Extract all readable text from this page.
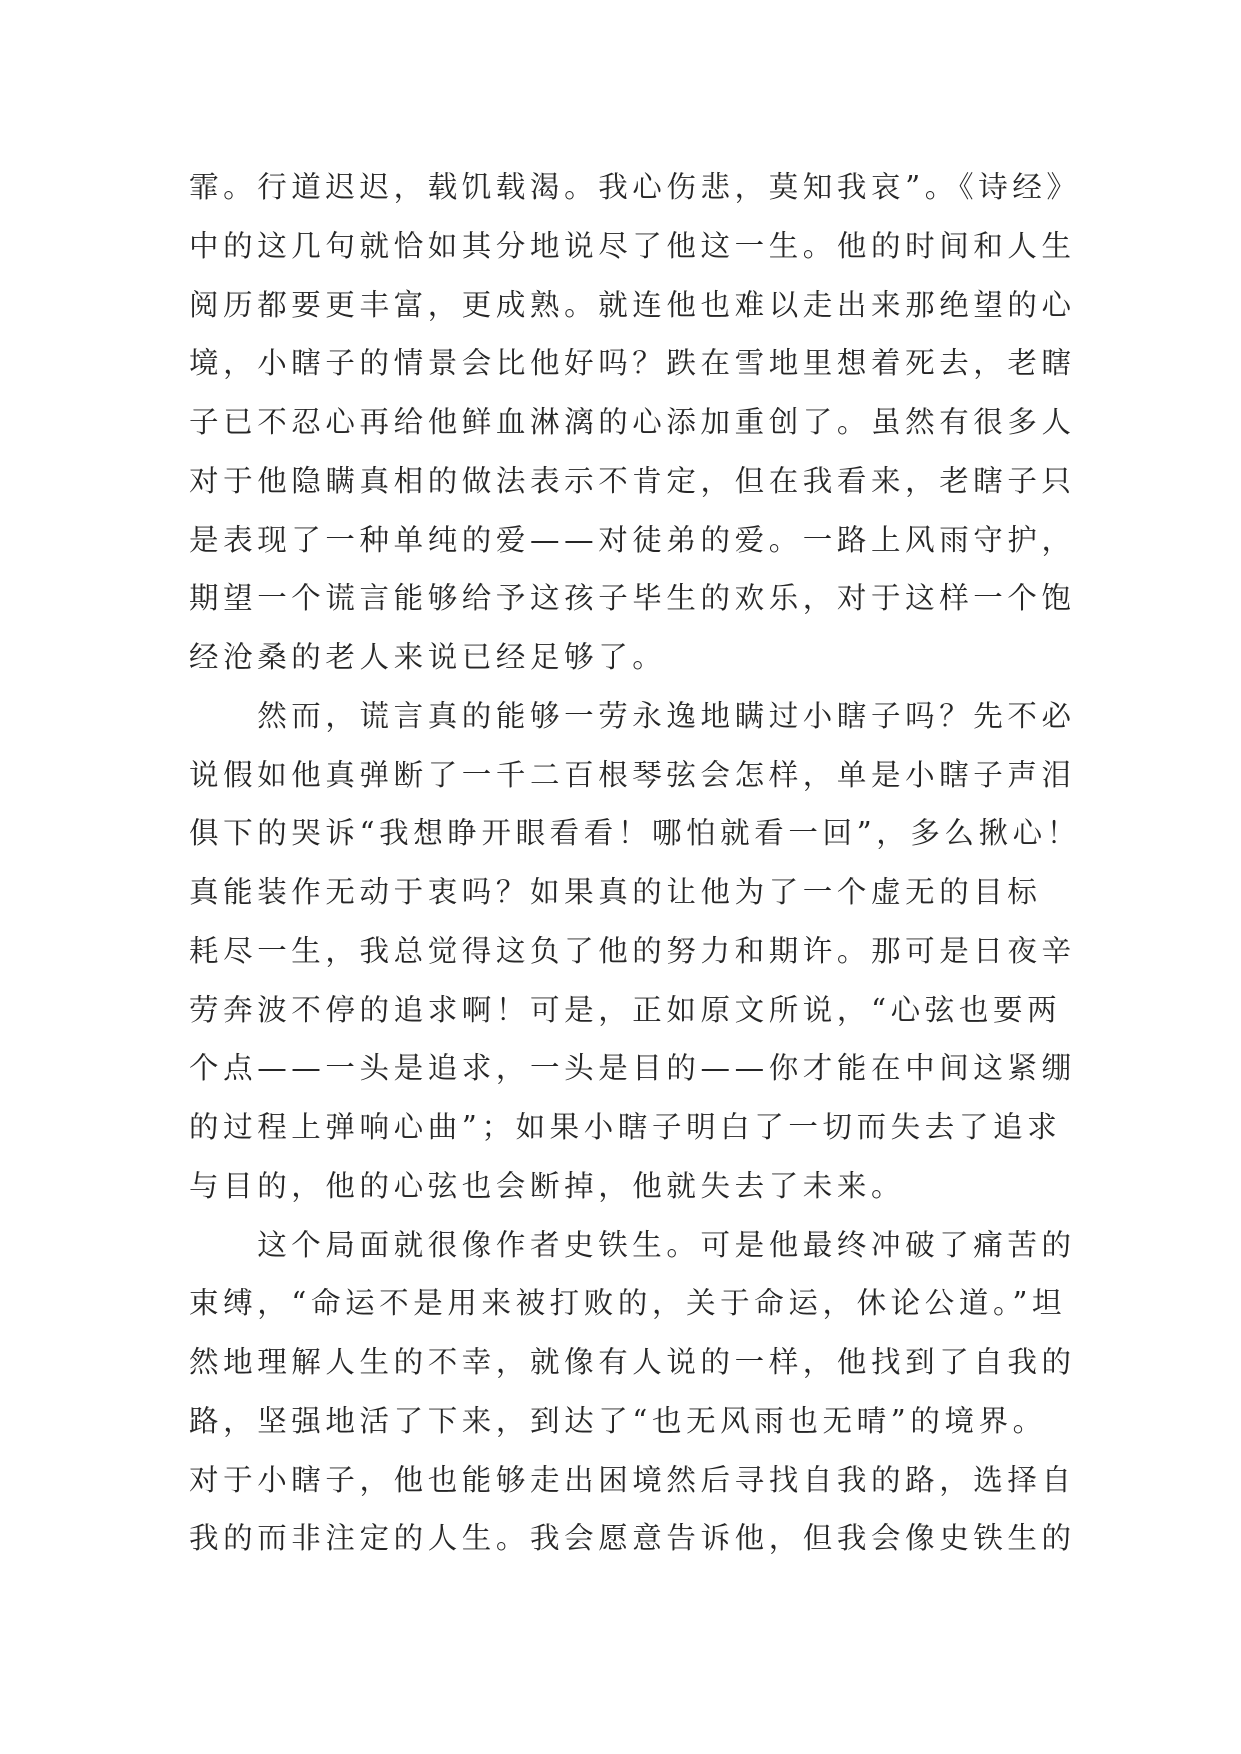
霏。行道迟迟，载饥载渴。我心伤悲，莫知我哀”。《诗经》
中的这几句就恰如其分地说尽了他这一生。他的时间和人生
阅历都要更丰富，更成熟。就连他也难以走出来那绝望的心
境，小瞎子的情景会比他好吗？跌在雪地里想着死去，老瞎
子已不忍心再给他鲜血淋漓的心添加重创了。虽然有很多人
对于他隐瞒真相的做法表示不肯定，但在我看来，老瞎子只
是表现了一种单纯的爱——对徒弟的爱。一路上风雨守护，
期望一个谎言能够给予这孩子毕生的欢乐，对于这样一个饱
经沧桑的老人来说已经足够了。
　　然而，谎言真的能够一劳永逸地瞒过小瞎子吗？先不必
说假如他真弹断了一千二百根琴弦会怎样，单是小瞎子声泪
俱下的哭诉“我想睁开眼看看！哪怕就看一回”，多么揪心！
真能装作无动于衷吗？如果真的让他为了一个虚无的目标
耗尽一生，我总觉得这负了他的努力和期许。那可是日夜辛
劳奔波不停的追求啊！可是，正如原文所说，“心弦也要两
个点——一头是追求，一头是目的——你才能在中间这紧绷
的过程上弹响心曲”；如果小瞎子明白了一切而失去了追求
与目的，他的心弦也会断掉，他就失去了未来。
　　这个局面就很像作者史铁生。可是他最终冲破了痛苦的
束缚，“命运不是用来被打败的，关于命运，休论公道。”坦
然地理解人生的不幸，就像有人说的一样，他找到了自我的
路，坚强地活了下来，到达了“也无风雨也无晴”的境界。
对于小瞎子，他也能够走出困境然后寻找自我的路，选择自
我的而非注定的人生。我会愿意告诉他，但我会像史铁生的
